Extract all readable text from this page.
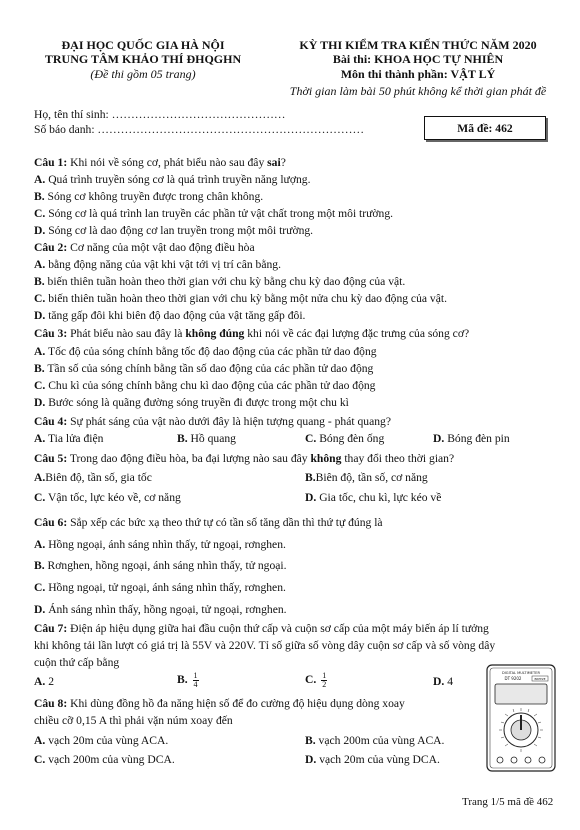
ĐẠI HỌC QUỐC GIA HÀ NỘI
TRUNG TÂM KHẢO THÍ ĐHQGHN
(Đề thi gồm 05 trang)
KỲ THI KIỂM TRA KIẾN THỨC NĂM 2020
Bài thi: KHOA HỌC TỰ NHIÊN
Môn thi thành phần: VẬT LÝ
Thời gian làm bài 50 phút không kể thời gian phát đề
Họ, tên thí sinh: ………………………………………
Số báo danh: ……………………………………………………………	Mã đề: 462
Câu 1: Khi nói về sóng cơ, phát biểu nào sau đây sai?
A. Quá trình truyền sóng cơ là quá trình truyền năng lượng.
B. Sóng cơ không truyền được trong chân không.
C. Sóng cơ là quá trình lan truyền các phần tử vật chất trong một môi trường.
D. Sóng cơ là dao động cơ lan truyền trong một môi trường.
Câu 2: Cơ năng của một vật dao động điều hòa
A. bằng động năng của vật khi vật tới vị trí cân bằng.
B. biến thiên tuần hoàn theo thời gian với chu kỳ bằng chu kỳ dao động của vật.
C. biến thiên tuần hoàn theo thời gian với chu kỳ bằng một nửa chu kỳ dao động của vật.
D. tăng gấp đôi khi biên độ dao động của vật tăng gấp đôi.
Câu 3: Phát biểu nào sau đây là không đúng khi nói về các đại lượng đặc trưng của sóng cơ?
A. Tốc độ của sóng chính bằng tốc độ dao động của các phần tử dao động
B. Tần số của sóng chính bằng tần số dao động của các phần tử dao động
C. Chu kì của sóng chính bằng chu kì dao động của các phần tử dao động
D. Bước sóng là quãng đường sóng truyền đi được trong một chu kì
Câu 4: Sự phát sáng của vật nào dưới đây là hiện tượng quang - phát quang?
A. Tia lửa điện	B. Hồ quang	C. Bóng đèn ống	D. Bóng đèn pin
Câu 5: Trong dao động điều hòa, ba đại lượng nào sau đây không thay đổi theo thời gian?
A.Biên độ, tần số, gia tốc	B.Biên độ, tần số, cơ năng
C. Vận tốc, lực kéo về, cơ năng	D. Gia tốc, chu kì, lực kéo về
Câu 6: Sắp xếp các bức xạ theo thứ tự có tần số tăng dần thì thứ tự đúng là
A. Hồng ngoại, ánh sáng nhìn thấy, tử ngoại, rơnghen.
B. Rơnghen, hồng ngoại, ánh sáng nhìn thấy, tử ngoại.
C. Hồng ngoại, tử ngoại, ánh sáng nhìn thấy, rơnghen.
D. Ánh sáng nhìn thấy, hồng ngoại, tử ngoại, rơnghen.
Câu 7: Điện áp hiệu dụng giữa hai đầu cuộn thứ cấp và cuộn sơ cấp của một máy biến áp lí tưởng
khi không tải lần lượt có giá trị là 55V và 220V. Tỉ số giữa số vòng dây cuộn sơ cấp và số vòng dây
cuộn thứ cấp bằng
A. 2	B. $\frac{1}{4}$	C. $\frac{1}{2}$	D. 4
Câu 8: Khi dùng đồng hồ đa năng hiện số để đo cường độ hiệu dụng dòng xoay
chiều cỡ 0,15 A thì phải vặn núm xoay đến
A. vạch 20m của vùng ACA.	B. vạch 200m của vùng ACA.
C. vạch 200m của vùng DCA.	D. vạch 20m của vùng DCA.
DIGITAL MULTIMETER
DT 9202	BREEZE
Trang 1/5 mã đề 462
